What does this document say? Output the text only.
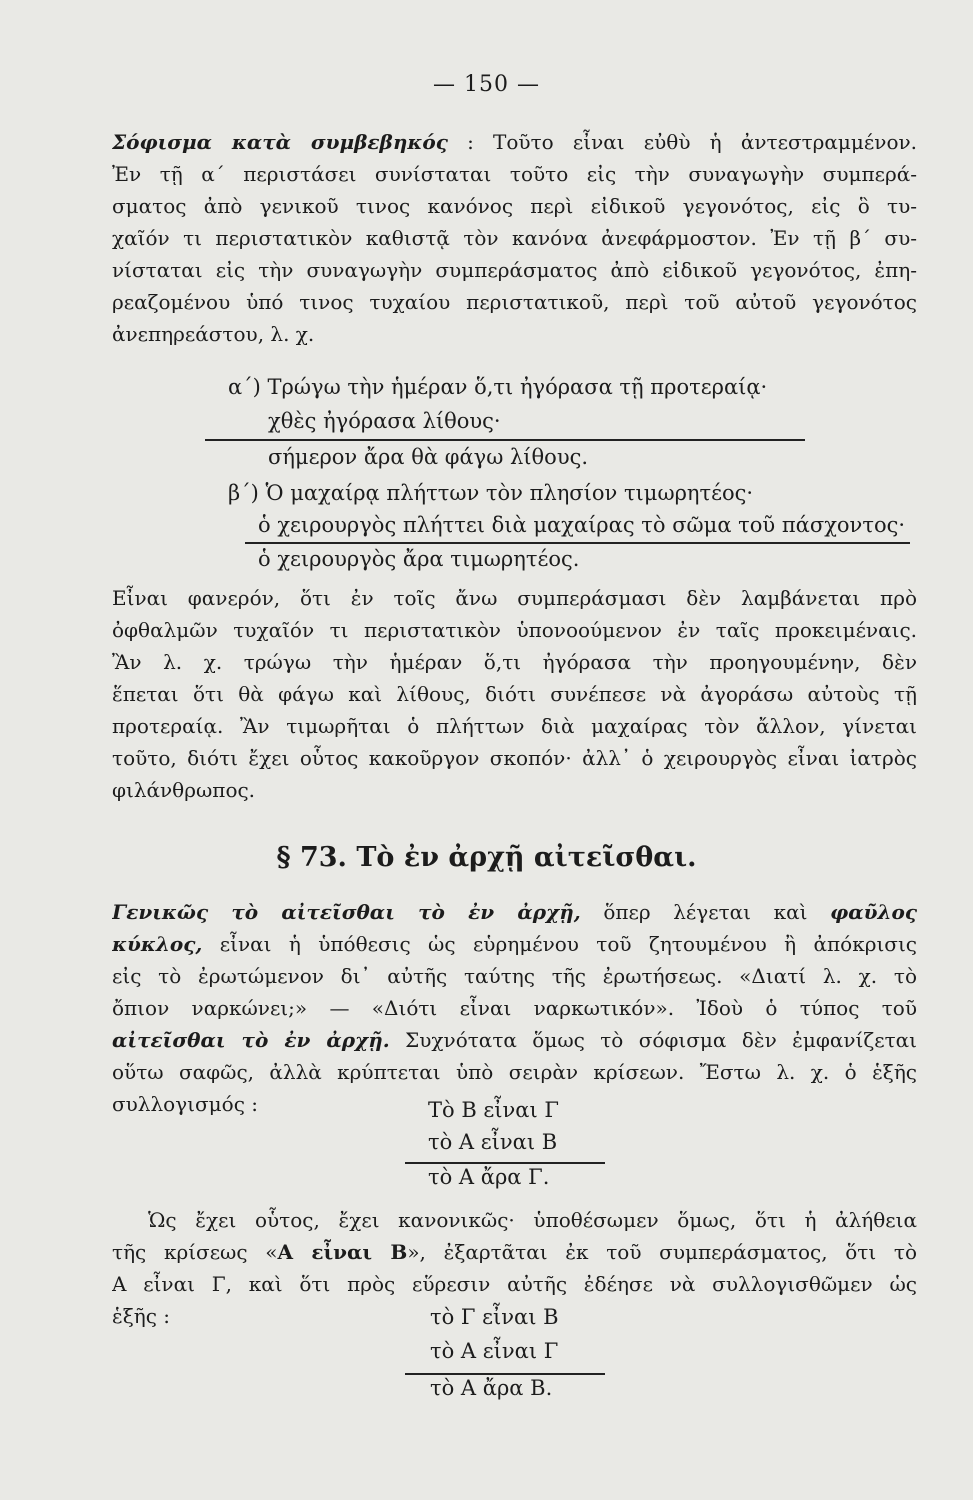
— 150 —
Σόφισμα κατὰ συμβεβηκός : Τοῦτο εἶναι εὐθὺ ἡ ἀντεστραμμένον.
Ἐν τῇ α΄ περιστάσει συνίσταται τοῦτο εἰς τὴν συναγωγὴν συμπερά-
σματος ἀπὸ γενικοῦ τινος κανόνος περὶ εἰδικοῦ γεγονότος, εἰς ὃ τυ-
χαῖόν τι περιστατικὸν καθιστᾷ τὸν κανόνα ἀνεφάρμοστον. Ἐν τῇ β΄ συ-
νίσταται εἰς τὴν συναγωγὴν συμπεράσματος ἀπὸ εἰδικοῦ γεγονότος, ἐπη-
ρεαζομένου ὑπό τινος τυχαίου περιστατικοῦ, περὶ τοῦ αὐτοῦ γεγονότος
ἀνεπηρεάστου, λ. χ.
α΄) Τρώγω τὴν ἡμέραν ὅ,τι ἠγόρασα τῇ προτεραίᾳ·
χθὲς ἠγόρασα λίθους·
σήμερον ἄρα θὰ φάγω λίθους.
β΄) Ὁ μαχαίρᾳ πλήττων τὸν πλησίον τιμωρητέος·
ὁ χειρουργὸς πλήττει διὰ μαχαίρας τὸ σῶμα τοῦ πάσχοντος·
ὁ χειρουργὸς ἄρα τιμωρητέος.
Εἶναι φανερόν, ὅτι ἐν τοῖς ἄνω συμπεράσμασι δὲν λαμβάνεται πρὸ
ὀφθαλμῶν τυχαῖόν τι περιστατικὸν ὑπονοούμενον ἐν ταῖς προκειμέναις.
Ἂν λ. χ. τρώγω τὴν ἡμέραν ὅ,τι ἠγόρασα τὴν προηγουμένην, δὲν
ἕπεται ὅτι θὰ φάγω καὶ λίθους, διότι συνέπεσε νὰ ἀγοράσω αὐτοὺς τῇ
προτεραίᾳ. Ἂν τιμωρῆται ὁ πλήττων διὰ μαχαίρας τὸν ἄλλον, γίνεται
τοῦτο, διότι ἔχει οὗτος κακοῦργον σκοπόν· ἀλλ᾽ ὁ χειρουργὸς εἶναι ἰατρὸς
φιλάνθρωπος.
§ 73. Τὸ ἐν ἀρχῇ αἰτεῖσθαι.
Γενικῶς τὸ αἰτεῖσθαι τὸ ἐν ἀρχῇ, ὅπερ λέγεται καὶ φαῦλος
κύκλος, εἶναι ἡ ὑπόθεσις ὡς εὑρημένου τοῦ ζητουμένου ἢ ἀπόκρισις
εἰς τὸ ἐρωτώμενον δι᾽ αὐτῆς ταύτης τῆς ἐρωτήσεως. «Διατί λ. χ. τὸ
ὄπιον ναρκώνει;» — «Διότι εἶναι ναρκωτικόν». Ἰδοὺ ὁ τύπος τοῦ
αἰτεῖσθαι τὸ ἐν ἀρχῇ. Συχνότατα ὅμως τὸ σόφισμα δὲν ἐμφανίζεται
οὕτω σαφῶς, ἀλλὰ κρύπτεται ὑπὸ σειρὰν κρίσεων. Ἔστω λ. χ. ὁ ἑξῆς
συλλογισμός :	Τὸ Β εἶναι Γ
τὸ Α εἶναι Β
τὸ Α ἄρα Γ.
Ὡς ἔχει οὗτος, ἔχει κανονικῶς· ὑποθέσωμεν ὅμως, ὅτι ἡ ἀλήθεια
τῆς κρίσεως «Α εἶναι Β», ἐξαρτᾶται ἐκ τοῦ συμπεράσματος, ὅτι τὸ
Α εἶναι Γ, καὶ ὅτι πρὸς εὕρεσιν αὐτῆς ἐδέησε νὰ συλλογισθῶμεν ὡς
ἑξῆς :	τὸ Γ εἶναι Β
τὸ Α εἶναι Γ
τὸ Α ἄρα Β.
